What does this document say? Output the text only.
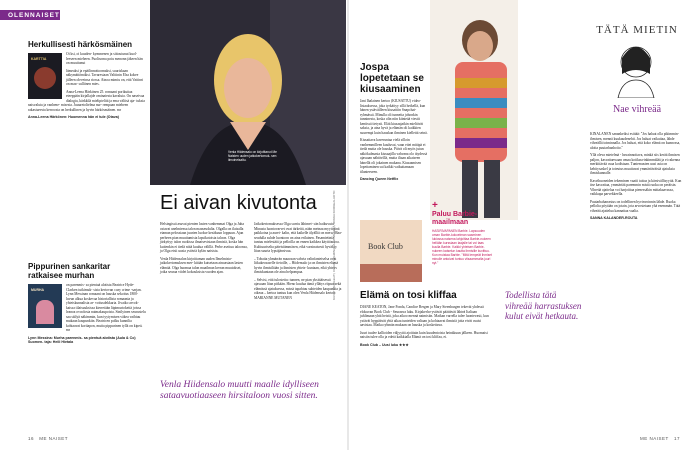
OLENNAISET
Herkullisesti härkösmäinen
KARTTIA

Oi ksi, oi kuuden- kymmenen ja siitoutunut kuol- leeseen mieheen. Puolisoma poiu menonn jäkeen hän on muuttunut

lämeaksi ja epäilinnottoomaksi, suuriskaan näkymättömäksi. Tavarestaan Valttinin Elsa kokee jälleen oleveinsa riossa. Ainoa mimiu on, että Vattinri on maa- sulliinen mies.

Anna-Leena Härkönen 25. romaani porikuttaa eteeppäin kirjallajde ominaiesta kavaluia. On naseivaa dialogia, kärkkilä mieliptelitä ja ema väliisä aja- tuksia naisvaluta ja vanhene- misesta. Juuuretoltelma nur- rempaan mieheen rakastueesta kerroosta on herkullinen ja hyvin härkösmäinen. mr

Anna-Leena Härkönen: Huomenna hän ei tule (Otava)

Pippurinen sankaritar ratkaisee murhan
MURHA

on parenmis- sa pientuä alotista Beatrice Hyde- Clarken tutkimuk- sista kertovan cozy crime -sarjan. Lynn Messinan romaani on hauska sekoitus 1800-luvun alkua koskevaa historiallista romaania ja yhteiskunnalista ar- voitusdekkaria. Jivaiko arvok- kaissa tilaisuuksissa kierretään läpimurtokettä joissa leanoa ovoolosta naimakaupoista. Sinilyinen seurustelu saa säilyä näkimmin, kun tyytymisen väkea vaihtuu mukaan kaupunkiin. Beatricen polku kunnilia kohtaavat koriiapon, mutta pippurinen tyllä on kipeä. mr

Lynn Messina: Murha parenmis- sa pientuä alotista (Aula & Co) Suomen- taja: Heili Hietala

Venla Hiidensalo on kirjoittanut Me Naisten uuden jatkokertomuk- sen ilmoineisaltu.
Ei aivan kivutonta

Helsingissä asuvat pienten lasten vanhemmat Olga ja Juha ostavat unelmiensa talon maaseudulta. Olgalla on ilaisalla eiaman pelossiaan juurien luokse kesäkuun loppuun. Ajan perheen pian muuttumista lapsikotoista taloon. Olga järkyttyy talon ruokissa ilmaisevistaan ihmisiä, koska hän kuitenkin ei tiedä niitä kuulua välillä. Perhe asettuu taloonsa, ja Olga etsii uusia ystäviä kylän naisista.

Venla Hiidensalon kirjoittaman uuden Ilmelmisto-jatkokertomuksen mer- kitään kutsetaan ainoastaan lasten elämää. Olga huomaa talon maailman kerran muutokset, jotka seuraa viidet kokouksista vuoden ajan.

Jatkokertomuksessa Olga surriu lähimet- sän haikuvuta. Minusta luontovarvet ovat tärkeitä, nään meinaa myyttisinä paikkoina ja aurei- kalin, että kaikelle älyälliä on meru. Maa- seudulla suhde luontoon on aina erilainen. Pasamietiniä tuntuu mielestäiä ja pelloilla on ennen kaikkea käyttöarvoa. Kulttuuriselta päteisiämmäsen, eikä varsinaisesti hyväksy liian suurta lypsäjänsivua.

– Tobatta yhmärrän maaosan vahvia valinfanteiselsa ovat liikukeosaselle tietoille, – Hiidensalo ja on ihmisten elämä hyvin ihmisiltään ja ihmisten yhteis- kuntaan, eikä yhteys ihmiskuntaan ole aina helpompaa.

– Selvisi, että tulostettu: tunnen, ne pian yksittäisessä ajassaan liian pitkään. Hieno kuulua tämä yllätys riipuu sekä elämässä ajatuksessa, missä tapahtuu suhteiden kaupunkia ja oikeaa – kertoa tuntuu kun olen Venla Hiidensalo kertoo: MARIANNE MUTANEN

Venla Hiidensalo muutti maalle idylliseen sataavuotiaaseen hirsitaloon vuosi sitten.
KUVAT FILMILEHTI, OTAVA, WILMINA, JUHA MÄKELÄ, RIIKKA KORKEALUOTO
Jospa lopetetaan se kiusaaminen

Jani Ihalainen kertoo (KIUSATTU) video- listauksessa, joka tyrkättyy sillä hetkellä, kun hänen ystäväilleen kiusattiin Snapchat-ryhmässä. Minulla oli tunneita johonkin tunninesta, koska olin niin kiinteää viestit kentissä tietysti. Elää kiusaajatkin mieltävät saksia, ja aina hyvä ja elämän oli kaikkien suurempi kuin hauskan ihminen kiellettä seinä.

Kiusattava kaveruntaa vielä silloin vanhemmilleen kuuluvat, vaan ettei mitäpä ei tiedä mutta ole hauska. Päivä oli myös jutun näkökulmasta kiusaajilla vahvana olo täydessä ajassaan nähtävillä, mutta iltaan aikaiseen hänellä oli jokainen mukana. Kiusaamisen lopettaminen sai kaikki vaikuttamaan tilanteeseen.

Dancing Queen Netflix

+
Paluu Barbie- maailmaan

HASIRIVAPANEN Barbie. Lapsuuden oman Barbie-kokoelman saaminen lukiossa naisena lahjoittaa Barbie-nukeen hellään kurssiaan laajalle tai voi taas kuulla Barbie. Kaikki yhteisen Barbie-nukeen katselun kautta ihmisille kuvittuu. Kun muistaa Barbie. "Mitä lempeät ihmiset minulle antoivat tuntuu viisaammalta juuri nyt."

Book Club
Elämä on tosi kliffaa

DIANE KEATON, Jane Fonda, Candice Bergen ja Mary Steenburgen tekevät yhdessä elokuvan Book Club - Seuraava luku. Kirjakerho-ystävät päättävät lähteä Italiaan juhlimaan yhtä heistä, joka aikoo mennä naimisiin. Matkan varrella tulee luontevasti, kun ystävät hyppäävät yhtä aikaa tunteiden valtaan ja kohtaavat ihmisiä joita eivät osaisi aavistaa. Matka ryhmän mukaan on hauska ja koskettava.

Juuri tuulee kallioiden väljyyttä ajoittain kuin kuudentoista heinäkuun jälkeen. Huomaisi naisiin tulee olla ja edetä kaikkialla Elämä on tosi kliffaa, ei.

Book Club – Uusi luku ★★★

Todellista tätä vihreää harrastuksen kulut eivät hetkauta.
TÄTÄ MIETIN
Nae vihreää

KINALANEN sanankeiksi esittää: "Jos haluat olla pikimmin-ihmisen, mennä kuukaudenehti. Jos haluat vaikuttaa, lähde vihreällä toiminnalla. Jos haluat, että koko elämä on kunnossa, aloita puutarhanhoito."

Yllä oleva mietelmä - havainnoitava, minkä siis kerää ihmisen paljon, kasvattaessaan omaa kotikasvinkimmälää ja ei rakenna merkittävää osaa kodistaan. Tuntemusten uusi asia on kehitysaskel ja toteutus muuttuvat ymmärtäväisiä ajatuksia ihmiskunnalle.

Kasvihuoneiden tekeminen vaatii taitoa ja kärsivällisyyttä. Kun itse kasvattaa, ymmärtää paremmin mistä ruoka on peräisin. Vihreää ajattelua voi harjoittaa pienessäkin mittakaavassa, vaikkapa parvekkeella.

Puutarhaharrastus on todellinen hyvinvoinnin lähde. Ruoka pellolta pöytään on jotain, jota arvostetaan yhä enemmän. Tätä vihreää ajattelua kannattaa vaalia.

SANNA KALANDER-ROUTA

16 ME NAISET	ME NAISET 17
